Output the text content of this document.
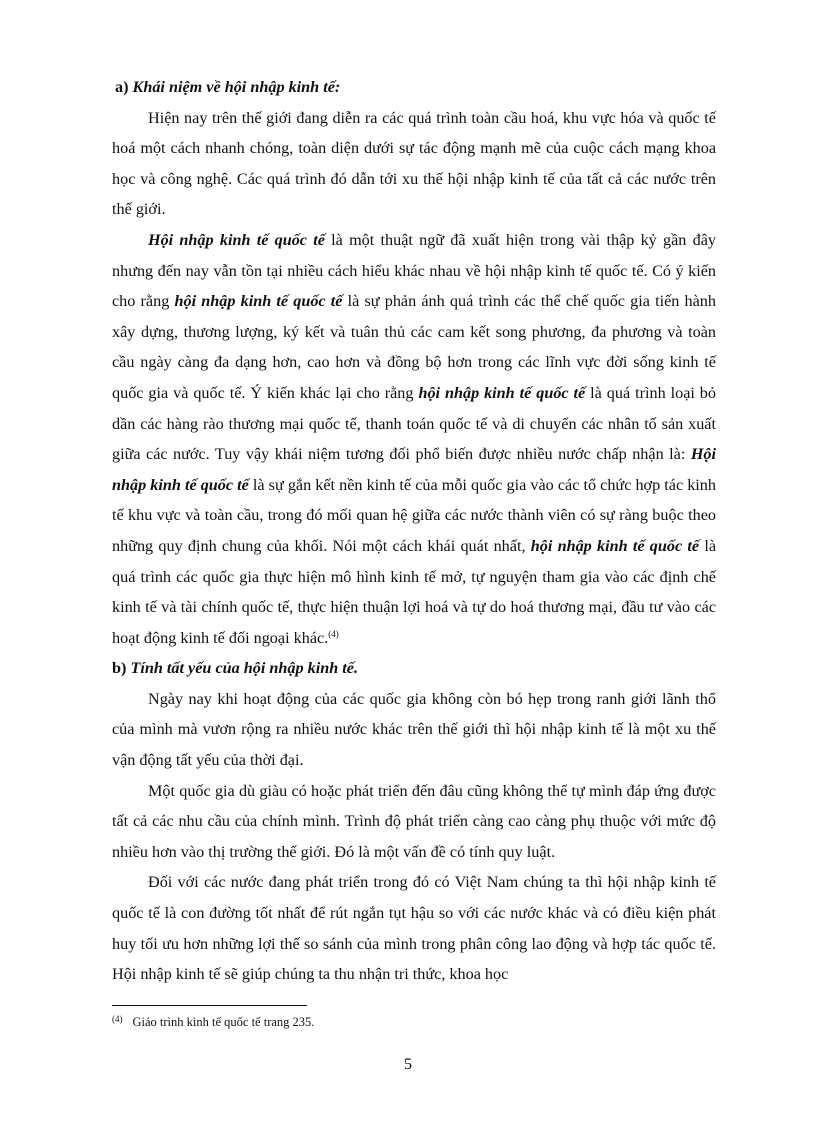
a) Khái niệm về hội nhập kinh tế:

Hiện nay trên thế giới đang diễn ra các quá trình toàn cầu hoá, khu vực hóa và quốc tế hoá một cách nhanh chóng, toàn diện dưới sự tác động mạnh mẽ của cuộc cách mạng khoa học và công nghệ. Các quá trình đó dẫn tới xu thế hội nhập kinh tế của tất cả các nước trên thế giới.

Hội nhập kinh tế quốc tế là một thuật ngữ đã xuất hiện trong vài thập kỷ gần đây nhưng đến nay vẫn tồn tại nhiều cách hiểu khác nhau về hội nhập kinh tế quốc tế. Có ý kiến cho rằng hội nhập kinh tế quốc tế là sự phản ánh quá trình các thể chế quốc gia tiến hành xây dựng, thương lượng, ký kết và tuân thủ các cam kết song phương, đa phương và toàn cầu ngày càng đa dạng hơn, cao hơn và đồng bộ hơn trong các lĩnh vực đời sống kinh tế quốc gia và quốc tế. Ý kiến khác lại cho rằng hội nhập kinh tế quốc tế là quá trình loại bỏ dần các hàng rào thương mại quốc tế, thanh toán quốc tế và di chuyển các nhân tố sản xuất giữa các nước. Tuy vậy khái niệm tương đối phổ biến được nhiều nước chấp nhận là: Hội nhập kinh tế quốc tế là sự gắn kết nền kinh tế của mỗi quốc gia vào các tổ chức hợp tác kinh tế khu vực và toàn cầu, trong đó mối quan hệ giữa các nước thành viên có sự ràng buộc theo những quy định chung của khối. Nói một cách khái quát nhất, hội nhập kinh tế quốc tế là quá trình các quốc gia thực hiện mô hình kinh tế mở, tự nguyện tham gia vào các định chế kinh tế và tài chính quốc tế, thực hiện thuận lợi hoá và tự do hoá thương mại, đầu tư vào các hoạt động kinh tế đối ngoại khác.$^{(4)}$

b) Tính tất yếu của hội nhập kinh tế.

Ngày nay khi hoạt động của các quốc gia không còn bó hẹp trong ranh giới lãnh thổ của mình mà vươn rộng ra nhiều nước khác trên thế giới thì hội nhập kinh tế là một xu thế vận động tất yếu của thời đại.

Một quốc gia dù giàu có hoặc phát triển đến đâu cũng không thể tự mình đáp ứng được tất cả các nhu cầu của chính mình. Trình độ phát triển càng cao càng phụ thuộc với mức độ nhiều hơn vào thị trường thế giới. Đó là một vấn đề có tính quy luật.

Đối với các nước đang phát triển trong đó có Việt Nam chúng ta thì hội nhập kinh tế quốc tế là con đường tốt nhất để rút ngắn tụt hậu so với các nước khác và có điều kiện phát huy tối ưu hơn những lợi thế so sánh của mình trong phân công lao động và hợp tác quốc tế. Hội nhập kinh tế sẽ giúp chúng ta thu nhận tri thức, khoa học

$^{(4)}$ Giáo trình kinh tế quốc tế trang 235.
5
